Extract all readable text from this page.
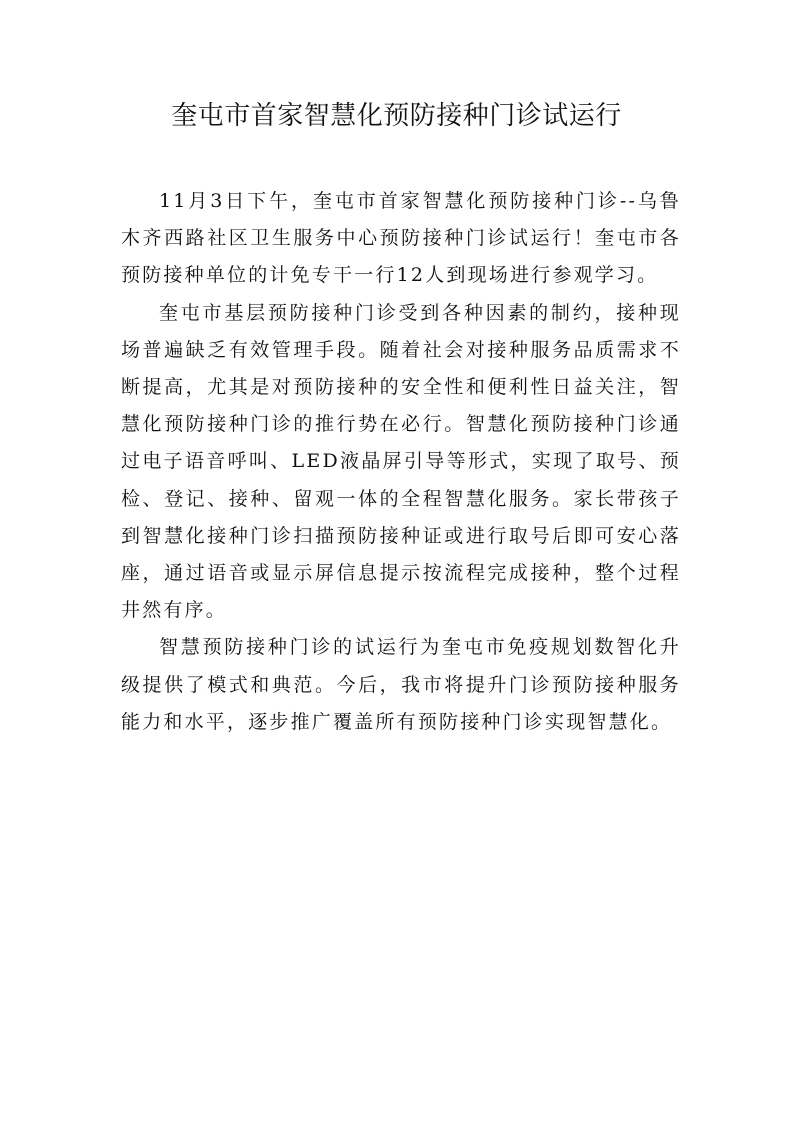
奎屯市首家智慧化预防接种门诊试运行

11月3日下午，奎屯市首家智慧化预防接种门诊--乌鲁木齐西路社区卫生服务中心预防接种门诊试运行！奎屯市各预防接种单位的计免专干一行12人到现场进行参观学习。

奎屯市基层预防接种门诊受到各种因素的制约，接种现场普遍缺乏有效管理手段。随着社会对接种服务品质需求不断提高，尤其是对预防接种的安全性和便利性日益关注，智慧化预防接种门诊的推行势在必行。智慧化预防接种门诊通过电子语音呼叫、LED液晶屏引导等形式，实现了取号、预检、登记、接种、留观一体的全程智慧化服务。家长带孩子到智慧化接种门诊扫描预防接种证或进行取号后即可安心落座，通过语音或显示屏信息提示按流程完成接种，整个过程井然有序。

智慧预防接种门诊的试运行为奎屯市免疫规划数智化升级提供了模式和典范。今后，我市将提升门诊预防接种服务能力和水平，逐步推广覆盖所有预防接种门诊实现智慧化。
